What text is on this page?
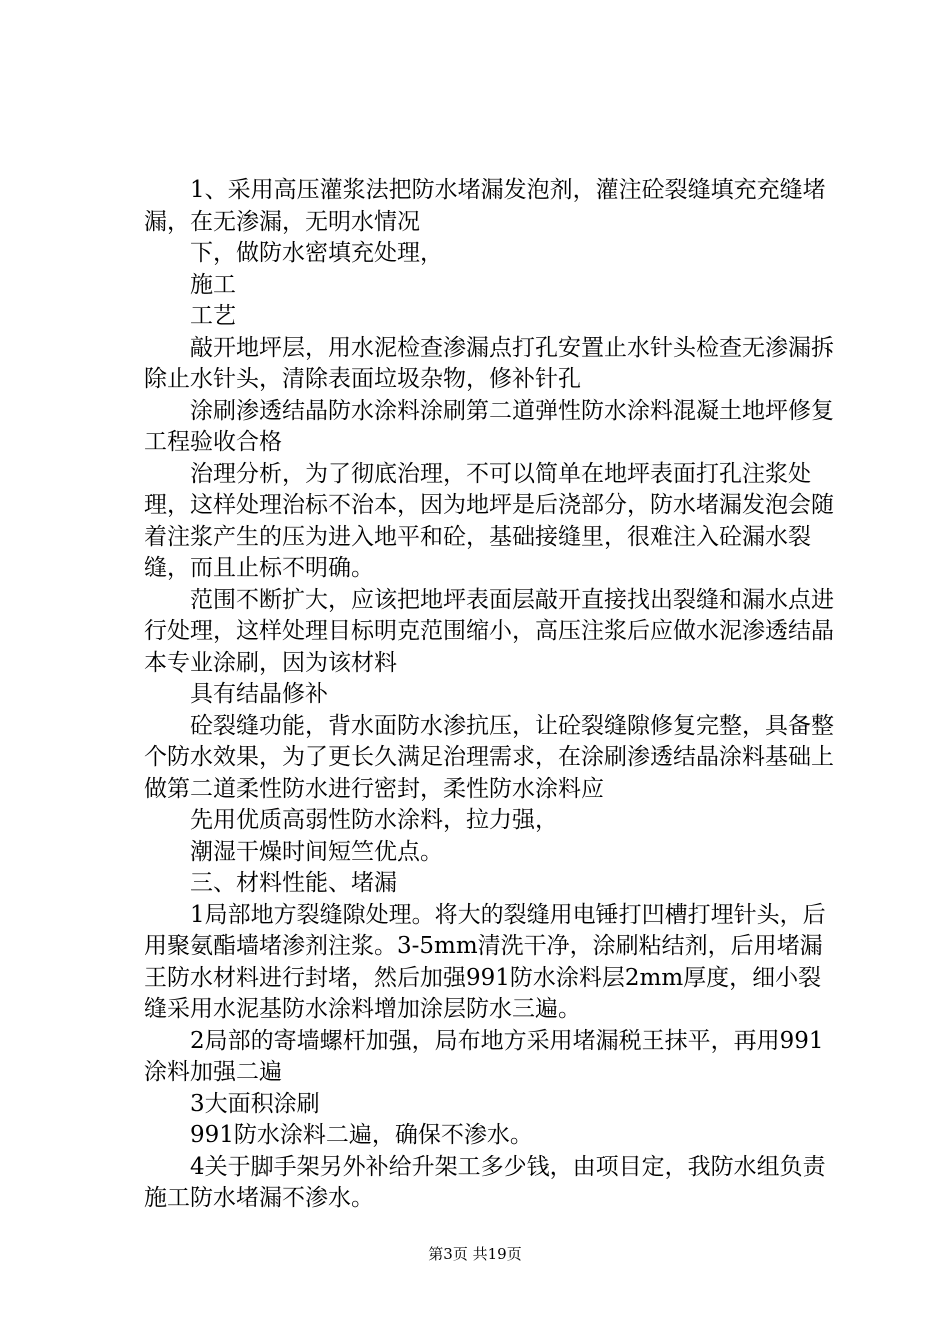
1、采用高压灌浆法把防水堵漏发泡剂，灌注砼裂缝填充充缝堵漏，在无渗漏，无明水情况

下，做防水密填充处理，

施工

工艺

敲开地坪层，用水泥检查渗漏点打孔安置止水针头检查无渗漏拆除止水针头，清除表面垃圾杂物，修补针孔

涂刷渗透结晶防水涂料涂刷第二道弹性防水涂料混凝土地坪修复工程验收合格

治理分析，为了彻底治理，不可以简单在地坪表面打孔注浆处理，这样处理治标不治本，因为地坪是后浇部分，防水堵漏发泡会随着注浆产生的压为进入地平和砼，基础接缝里，很难注入砼漏水裂缝，而且止标不明确。

范围不断扩大，应该把地坪表面层敲开直接找出裂缝和漏水点进行处理，这样处理目标明克范围缩小，高压注浆后应做水泥渗透结晶本专业涂刷，因为该材料

具有结晶修补

砼裂缝功能，背水面防水渗抗压，让砼裂缝隙修复完整，具备整个防水效果，为了更长久满足治理需求，在涂刷渗透结晶涂料基础上做第二道柔性防水进行密封，柔性防水涂料应

先用优质高弱性防水涂料，拉力强，

潮湿干燥时间短竺优点。

三、材料性能、堵漏

1局部地方裂缝隙处理。将大的裂缝用电锤打凹槽打埋针头，后用聚氨酯墙堵渗剂注浆。3-5mm清洗干净，涂刷粘结剂，后用堵漏王防水材料进行封堵，然后加强991防水涂料层2mm厚度，细小裂缝采用水泥基防水涂料增加涂层防水三遍。

2局部的寄墙螺杆加强，局布地方采用堵漏税王抹平，再用991涂料加强二遍

3大面积涂刷

991防水涂料二遍，确保不渗水。

4关于脚手架另外补给升架工多少钱，由项目定，我防水组负责施工防水堵漏不渗水。

第3页 共19页
